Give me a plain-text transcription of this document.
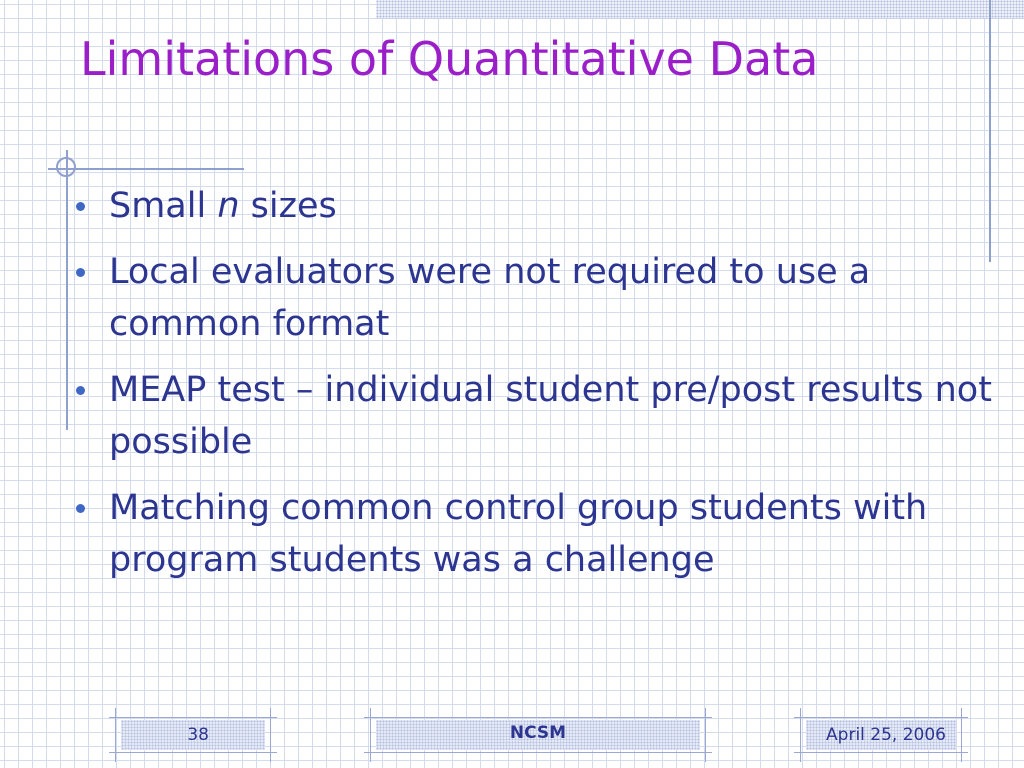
Limitations of Quantitative Data
Small n sizes
Local evaluators were not required to use a common format
MEAP test – individual student pre/post results not possible
Matching common control group students with program students was a challenge
38	NCSM	April 25, 2006
